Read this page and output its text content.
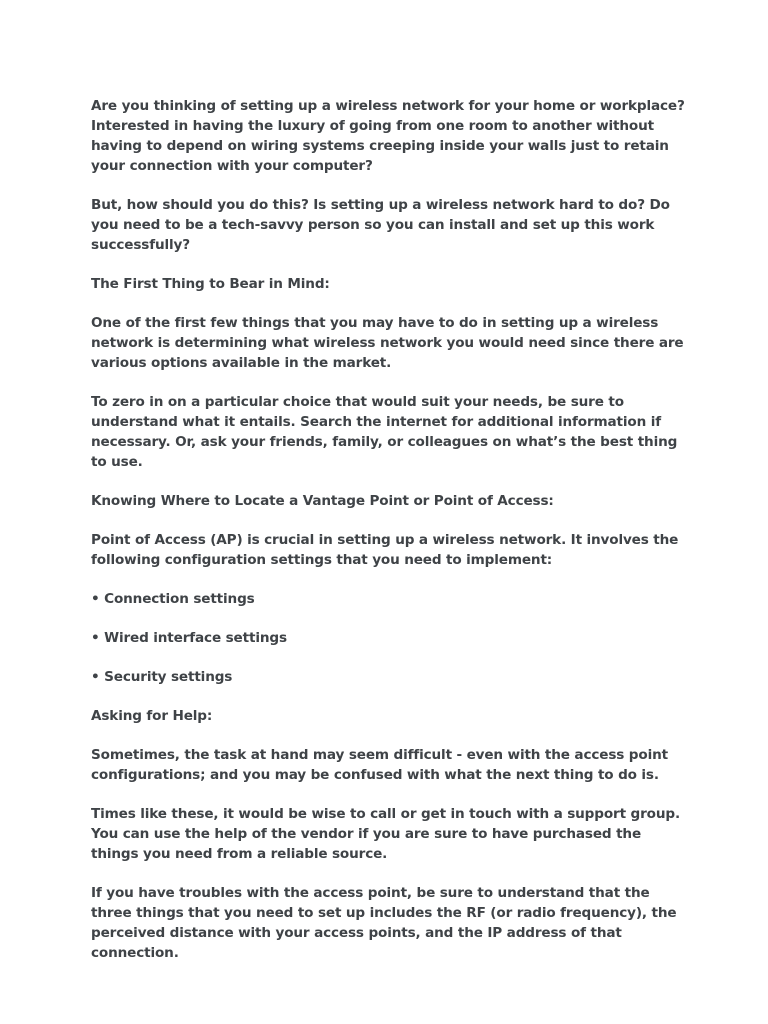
Are you thinking of setting up a wireless network for your home or workplace? Interested in having the luxury of going from one room to another without having to depend on wiring systems creeping inside your walls just to retain your connection with your computer?

But, how should you do this? Is setting up a wireless network hard to do? Do you need to be a tech-savvy person so you can install and set up this work successfully?

The First Thing to Bear in Mind:

One of the first few things that you may have to do in setting up a wireless network is determining what wireless network you would need since there are various options available in the market.

To zero in on a particular choice that would suit your needs, be sure to understand what it entails. Search the internet for additional information if necessary. Or, ask your friends, family, or colleagues on what’s the best thing to use.

Knowing Where to Locate a Vantage Point or Point of Access:

Point of Access (AP) is crucial in setting up a wireless network. It involves the following configuration settings that you need to implement:

• Connection settings

• Wired interface settings

• Security settings

Asking for Help:

Sometimes, the task at hand may seem difficult - even with the access point configurations; and you may be confused with what the next thing to do is.

Times like these, it would be wise to call or get in touch with a support group. You can use the help of the vendor if you are sure to have purchased the things you need from a reliable source.

If you have troubles with the access point, be sure to understand that the three things that you need to set up includes the RF (or radio frequency), the perceived distance with your access points, and the IP address of that connection.
